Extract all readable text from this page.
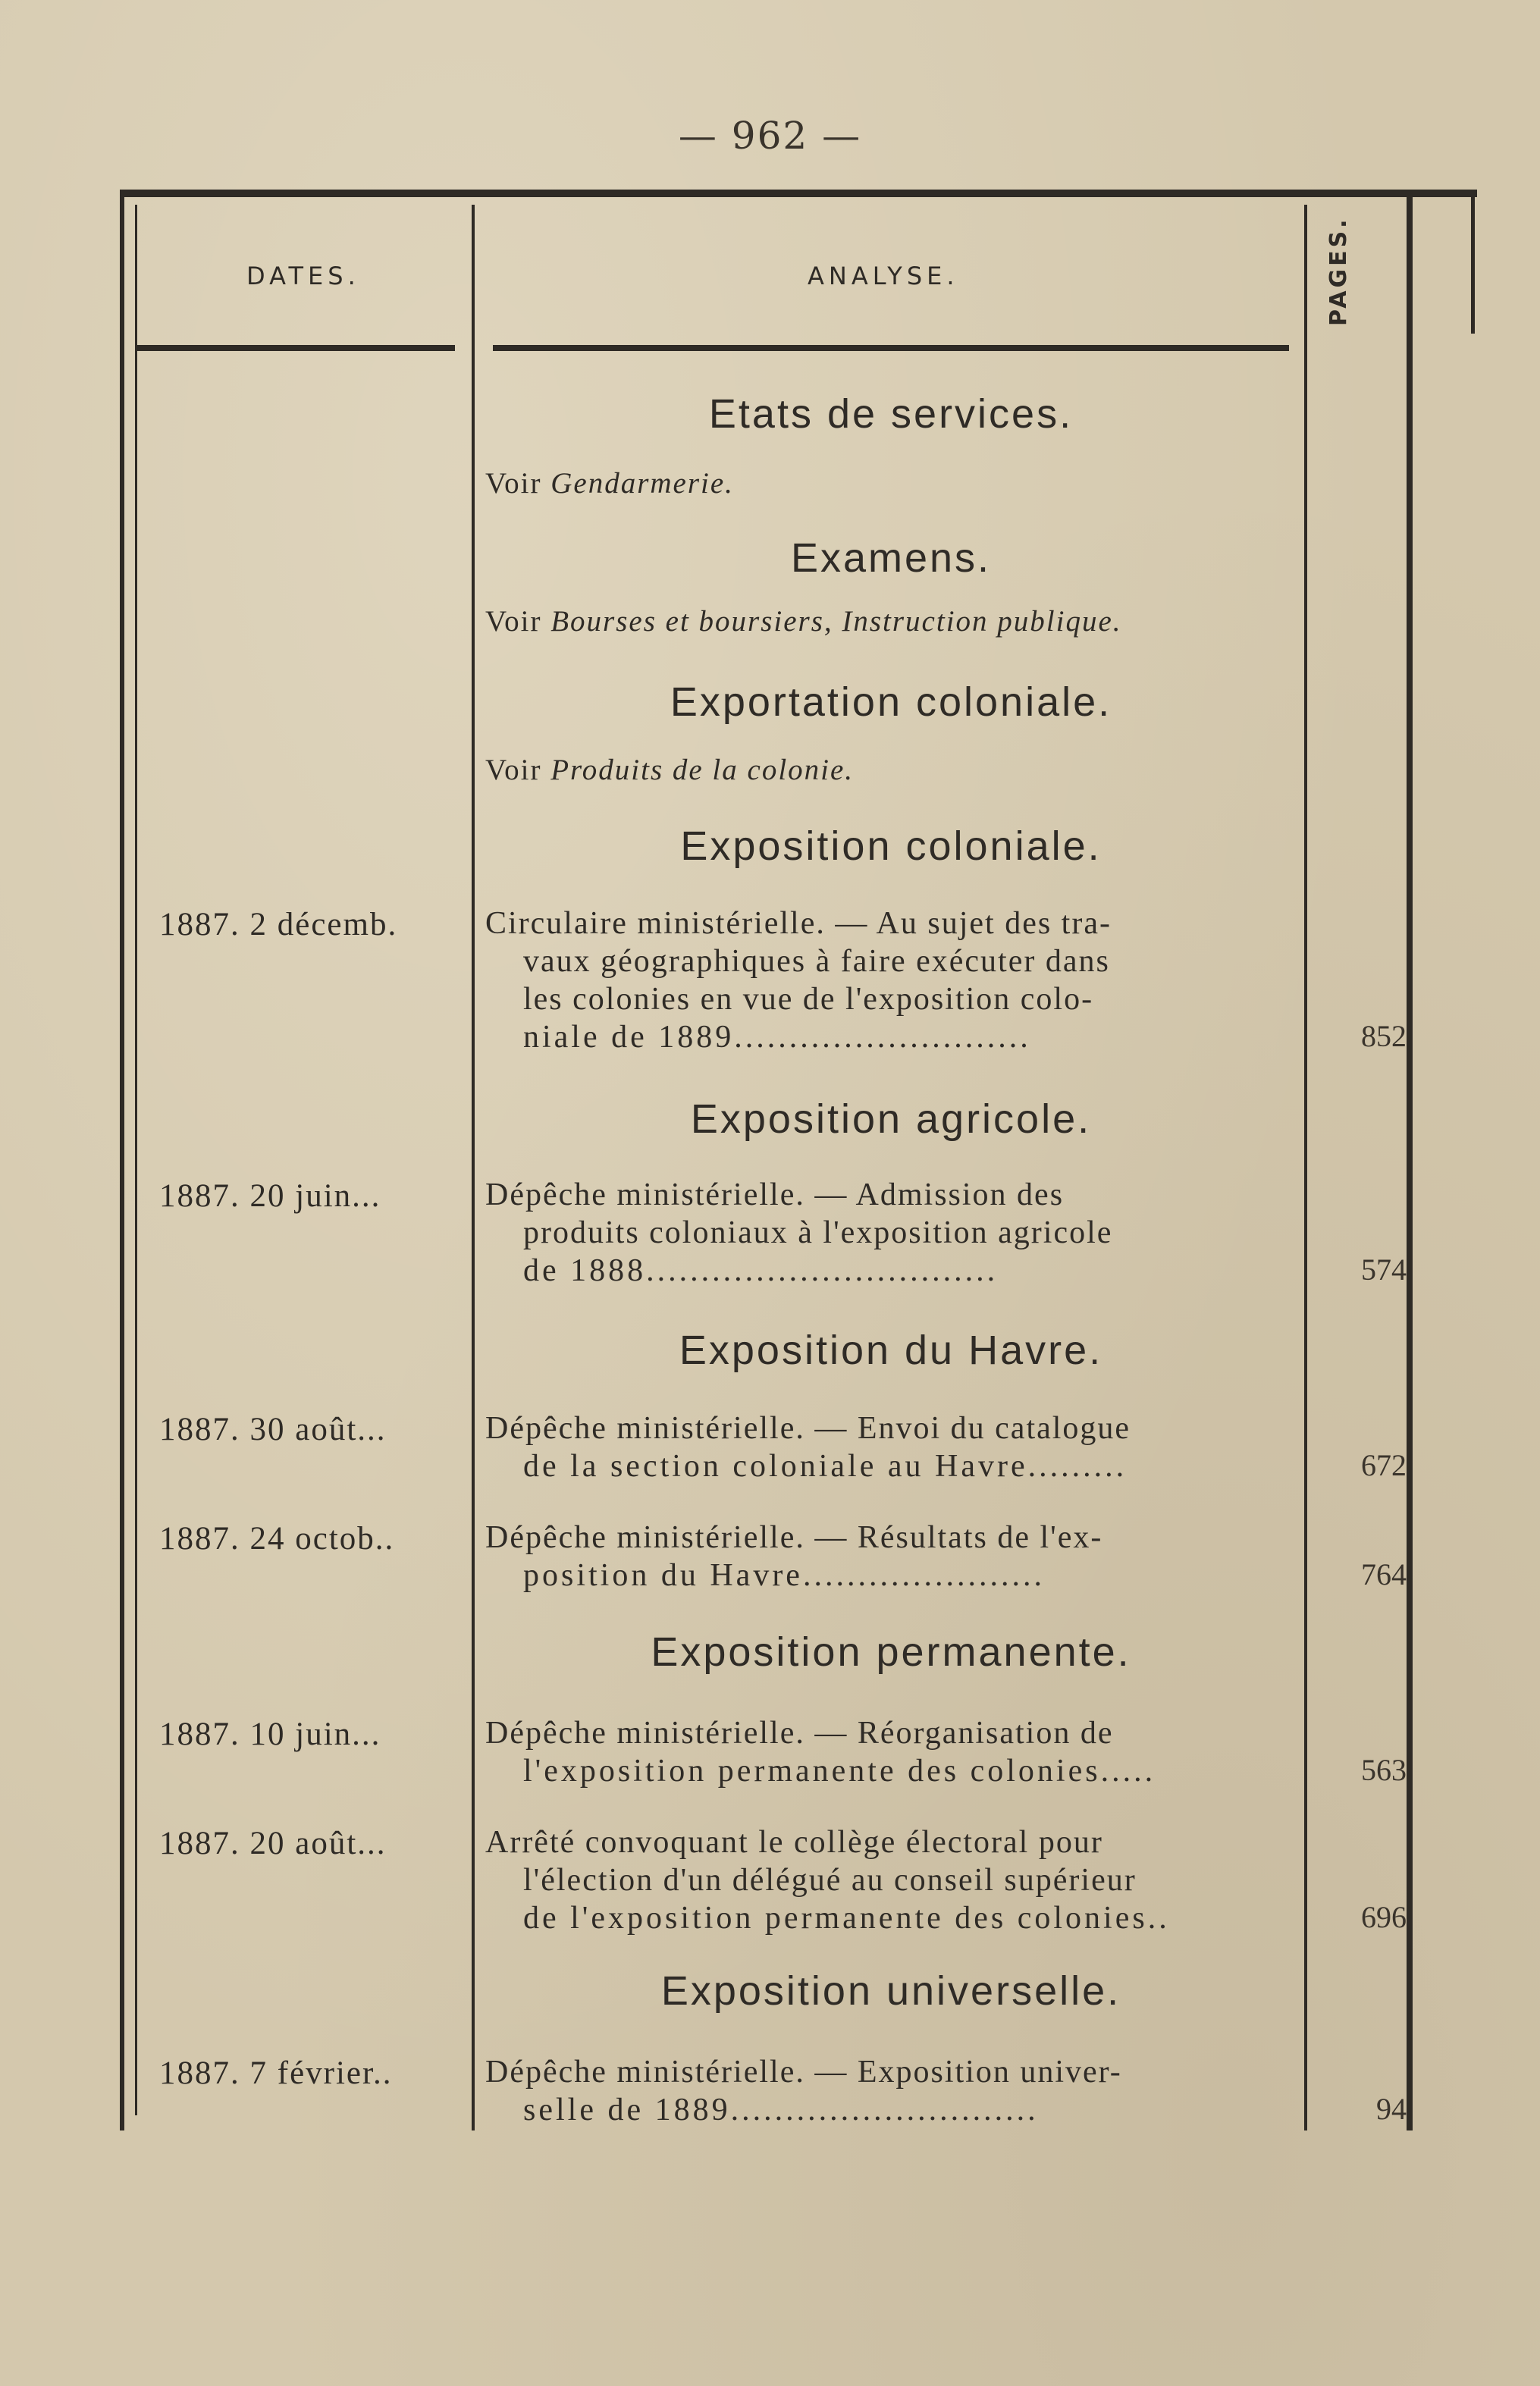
— 962 —
DATES.	ANALYSE.	PAGES.
Etats de services.
Voir Gendarmerie.
Examens.
Voir Bourses et boursiers, Instruction publique.
Exportation coloniale.
Voir Produits de la colonie.
Exposition coloniale.
1887. 2 décemb.	Circulaire ministérielle. — Au sujet des tra-
vaux géographiques à faire exécuter dans
les colonies en vue de l'exposition colo-
niale de 1889...........................	852
Exposition agricole.
1887. 20 juin...	Dépêche ministérielle. — Admission des
produits coloniaux à l'exposition agricole
de 1888................................	574
Exposition du Havre.
1887. 30 août...	Dépêche ministérielle. — Envoi du catalogue
de la section coloniale au Havre.........	672
1887. 24 octob..	Dépêche ministérielle. — Résultats de l'ex-
position du Havre......................	764
Exposition permanente.
1887. 10 juin...	Dépêche ministérielle. — Réorganisation de
l'exposition permanente des colonies.....	563
1887. 20 août...	Arrêté convoquant le collège électoral pour
l'élection d'un délégué au conseil supérieur
de l'exposition permanente des colonies..	696
Exposition universelle.
1887. 7 février..	Dépêche ministérielle. — Exposition univer-
selle de 1889............................	94
